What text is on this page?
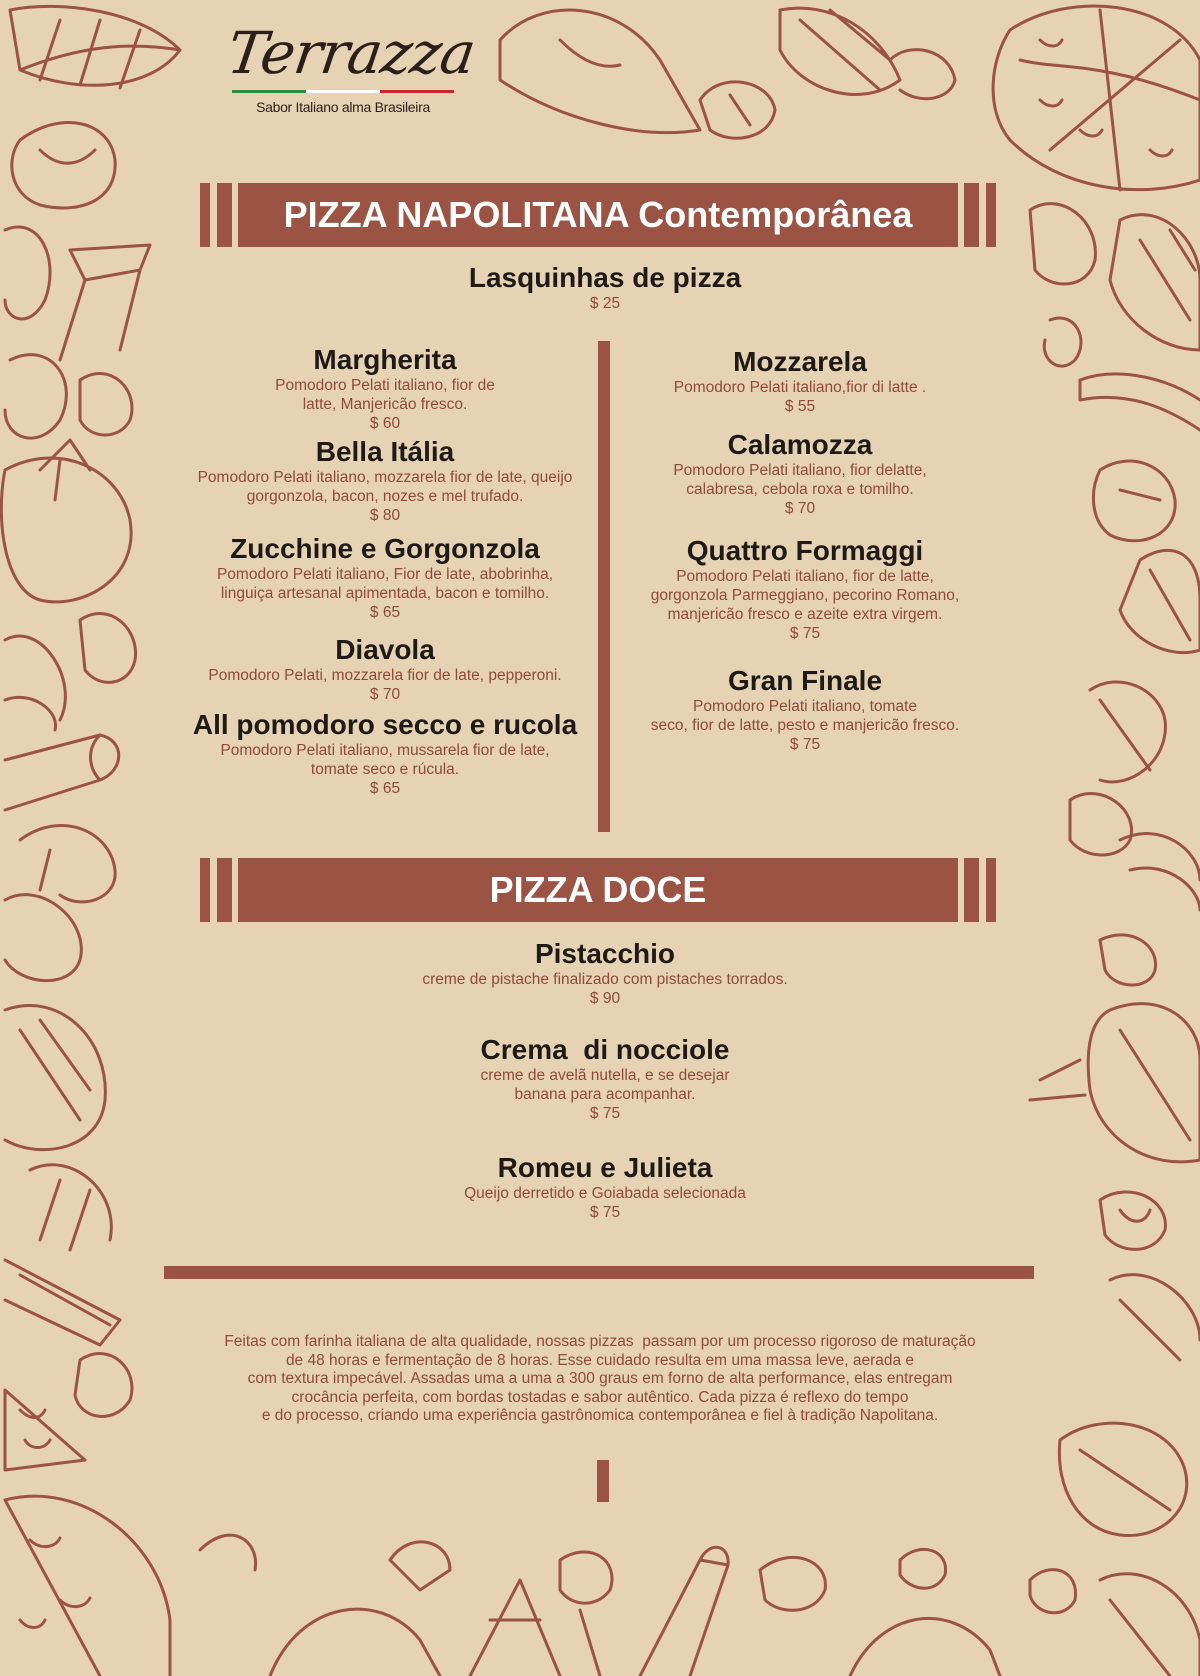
Terrazza
Sabor Italiano alma Brasileira
PIZZA NAPOLITANA Contemporânea
Lasquinhas de pizza
$ 25
Margherita
Pomodoro Pelati italiano, fior de
latte, Manjericão fresco.
$ 60
Bella Itália
Pomodoro Pelati italiano, mozzarela fior de late, queijo
gorgonzola, bacon, nozes e mel trufado.
$ 80
Zucchine e Gorgonzola
Pomodoro Pelati italiano, Fior de late, abobrinha,
linguiça artesanal apimentada, bacon e tomilho.
$ 65
Diavola
Pomodoro Pelati, mozzarela fior de late, pepperoni.
$ 70
All pomodoro secco e rucola
Pomodoro Pelati italiano, mussarela fior de late,
tomate seco e rúcula.
$ 65
Mozzarela
Pomodoro Pelati italiano,fior di latte .
$ 55
Calamozza
Pomodoro Pelati italiano, fior delatte,
calabresa, cebola roxa e tomilho.
$ 70
Quattro Formaggi
Pomodoro Pelati italiano, fior de latte,
gorgonzola Parmeggiano, pecorino Romano,
manjericão fresco e azeite extra virgem.
$ 75
Gran Finale
Pomodoro Pelati italiano, tomate
seco, fior de latte, pesto e manjericão fresco.
$ 75
PIZZA DOCE
Pistacchio
creme de pistache finalizado com pistaches torrados.
$ 90
Crema  di nocciole
creme de avelã nutella, e se desejar
banana para acompanhar.
$ 75
Romeu e Julieta
Queijo derretido e Goiabada selecionada
$ 75
Feitas com farinha italiana de alta qualidade, nossas pizzas  passam por um processo rigoroso de maturação
de 48 horas e fermentação de 8 horas. Esse cuidado resulta em uma massa leve, aerada e
com textura impecável. Assadas uma a uma a 300 graus em forno de alta performance, elas entregam
crocância perfeita, com bordas tostadas e sabor autêntico. Cada pizza é reflexo do tempo
e do processo, criando uma experiência gastrônomica contemporânea e fiel à tradição Napolitana.
